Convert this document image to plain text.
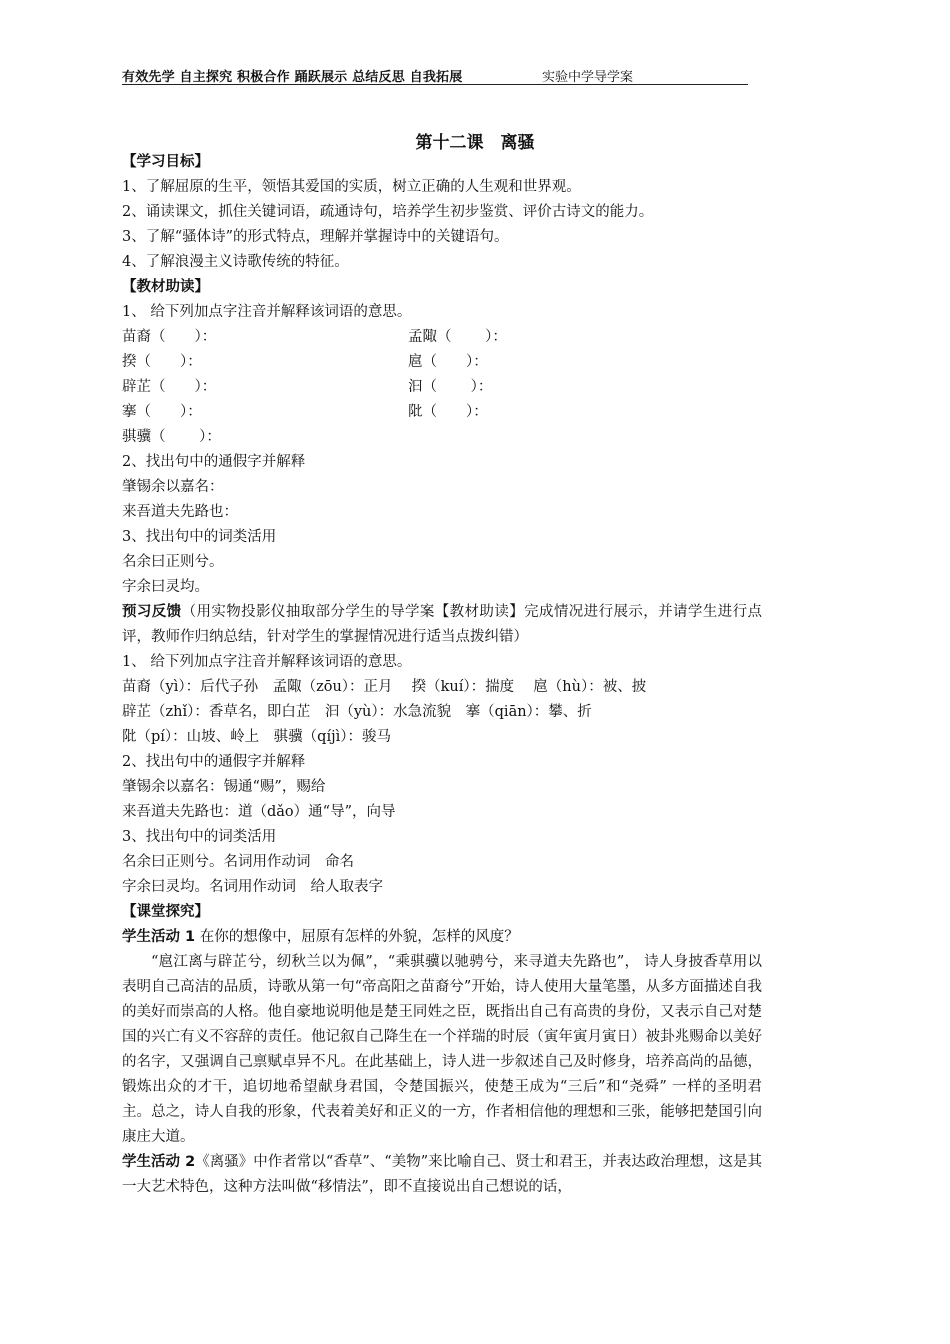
有效先学 自主探究 积极合作 踊跃展示 总结反思 自我拓展	实验中学导学案
第十二课　离骚
【学习目标】
1、了解屈原的生平，领悟其爱国的实质，树立正确的人生观和世界观。
2、诵读课文，抓住关键词语，疏通诗句，培养学生初步鉴赏、评价古诗文的能力。
3、了解“骚体诗”的形式特点，理解并掌握诗中的关键语句。
4、了解浪漫主义诗歌传统的特征。
【教材助读】
1、 给下列加点字注音并解释该词语的意思。
苗裔（　　）：	孟陬（　　 ）：
揆（　　）：	扈（　　）：
辟芷（　　）：	汩（　　 ）：
搴（　　）：	阰（　　）：
骐骥（　　 ）：
2、找出句中的通假字并解释
肇锡余以嘉名：
来吾道夫先路也：
3、找出句中的词类活用
名余曰正则兮。
字余曰灵均。
预习反馈（用实物投影仪抽取部分学生的导学案【教材助读】完成情况进行展示，并请学生进行点评，教师作归纳总结，针对学生的掌握情况进行适当点拨纠错）
1、 给下列加点字注音并解释该词语的意思。
苗裔（yì）：后代子孙　孟陬（zōu）：正月　 揆（kuí）：揣度　 扈（hù）：被、披
辟芷（zhǐ）：香草名，即白芷　汩（yù）：水急流貌　搴（qiān）：攀、折
阰（pí）：山坡、岭上　骐骥（qíjì）：骏马
2、找出句中的通假字并解释
肇锡余以嘉名：锡通“赐”，赐给
来吾道夫先路也：道（dǎo）通“导”，向导
3、找出句中的词类活用
名余曰正则兮。名词用作动词　命名
字余曰灵均。名词用作动词　给人取表字
【课堂探究】
学生活动 1 在你的想像中，屈原有怎样的外貌，怎样的风度？
“扈江离与辟芷兮，纫秋兰以为佩”，“乘骐骥以驰骋兮，来寻道夫先路也”， 诗人身披香草用以表明自己高洁的品质，诗歌从第一句“帝高阳之苗裔兮”开始，诗人使用大量笔墨，从多方面描述自我的美好而崇高的人格。他自豪地说明他是楚王同姓之臣，既指出自己有高贵的身份，又表示自己对楚国的兴亡有义不容辞的责任。他记叙自己降生在一个祥瑞的时辰（寅年寅月寅日）被卦兆赐命以美好的名字，又强调自己禀赋卓异不凡。在此基础上，诗人进一步叙述自己及时修身，培养高尚的品德，锻炼出众的才干，追切地希望献身君国，令楚国振兴，使楚王成为“三后”和“尧舜” 一样的圣明君主。总之，诗人自我的形象，代表着美好和正义的一方，作者相信他的理想和三张，能够把楚国引向康庄大道。
学生活动 2《离骚》中作者常以“香草”、“美物”来比喻自己、贤士和君王，并表达政治理想，这是其一大艺术特色，这种方法叫做“移情法”，即不直接说出自己想说的话，
